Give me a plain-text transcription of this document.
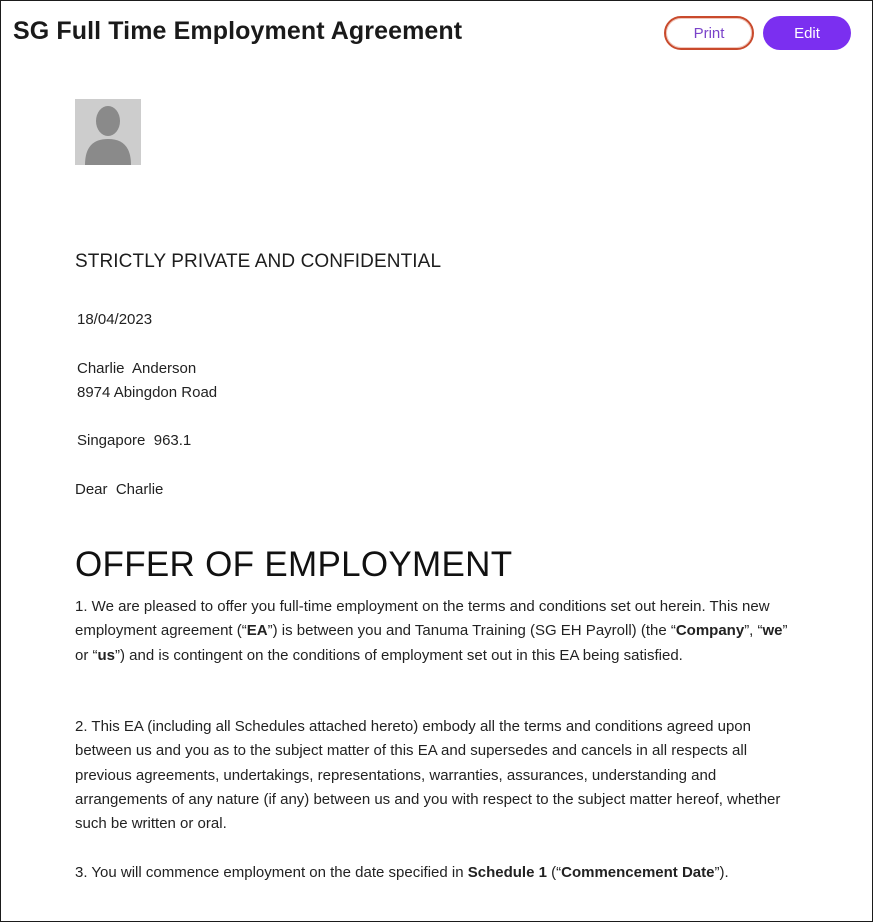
SG Full Time Employment Agreement	Print	Edit
STRICTLY PRIVATE AND CONFIDENTIAL
18/04/2023
Charlie  Anderson
8974 Abingdon Road
Singapore  963.1
Dear  Charlie
OFFER OF EMPLOYMENT
1. We are pleased to offer you full-time employment on the terms and conditions set out herein. This new employment agreement (“EA”) is between you and Tanuma Training (SG EH Payroll) (the “Company”, “we” or “us”) and is contingent on the conditions of employment set out in this EA being satisfied.
2. This EA (including all Schedules attached hereto) embody all the terms and conditions agreed upon between us and you as to the subject matter of this EA and supersedes and cancels in all respects all previous agreements, undertakings, representations, warranties, assurances, understanding and arrangements of any nature (if any) between us and you with respect to the subject matter hereof, whether such be written or oral.
3. You will commence employment on the date specified in Schedule 1 (“Commencement Date”).
